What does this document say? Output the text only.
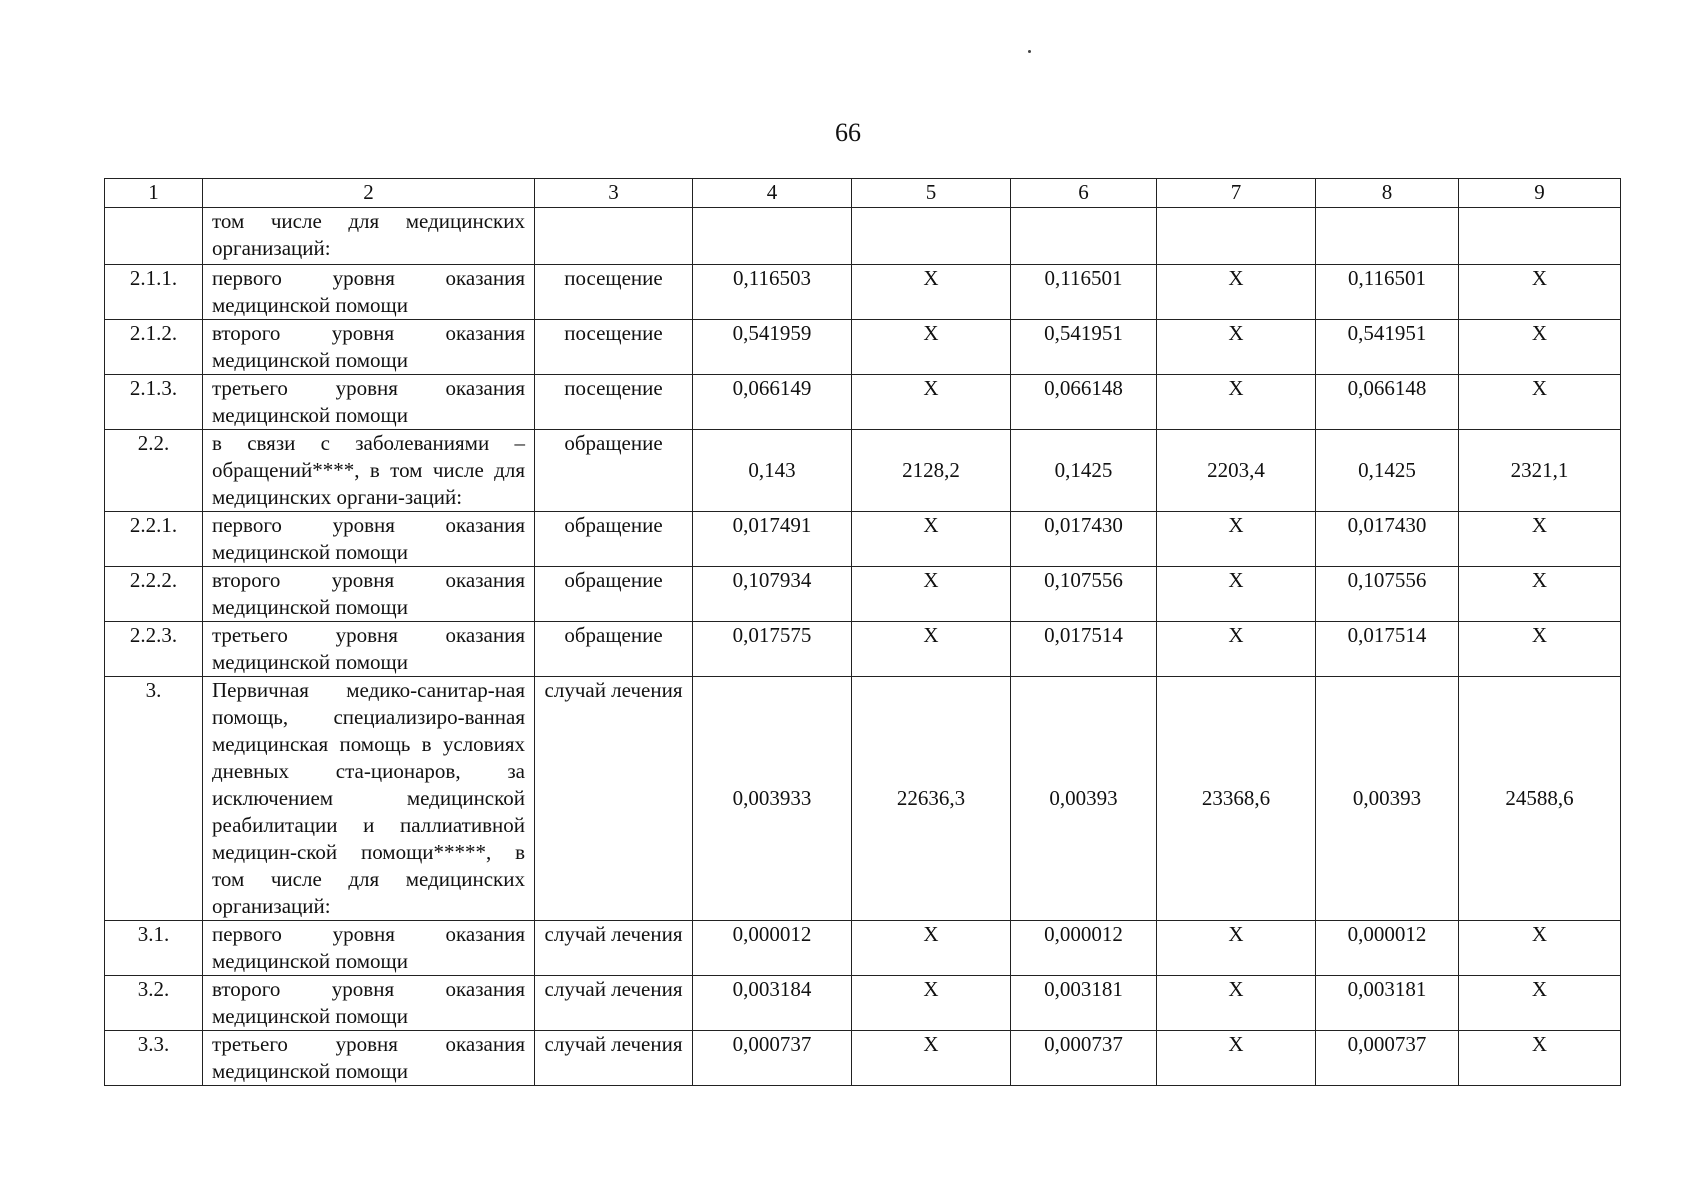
66
1	2	3	4	5	6	7	8	9
	том числе для медицинских организаций:							
2.1.1.	первого уровня оказания медицинской помощи	посещение	0,116503	X	0,116501	X	0,116501	X
2.1.2.	второго уровня оказания медицинской помощи	посещение	0,541959	X	0,541951	X	0,541951	X
2.1.3.	третьего уровня оказания медицинской помощи	посещение	0,066149	X	0,066148	X	0,066148	X
2.2.	в связи с заболеваниями – обращений****, в том числе для медицинских органи-заций:	обращение	0,143	2128,2	0,1425	2203,4	0,1425	2321,1
2.2.1.	первого уровня оказания медицинской помощи	обращение	0,017491	X	0,017430	X	0,017430	X
2.2.2.	второго уровня оказания медицинской помощи	обращение	0,107934	X	0,107556	X	0,107556	X
2.2.3.	третьего уровня оказания медицинской помощи	обращение	0,017575	X	0,017514	X	0,017514	X
3.	Первичная медико-санитар-ная помощь, специализиро-ванная медицинская помощь в условиях дневных ста-ционаров, за исключением медицинской реабилитации и паллиативной медицин-ской помощи*****, в том числе для медицинских организаций:	случай лечения	0,003933	22636,3	0,00393	23368,6	0,00393	24588,6
3.1.	первого уровня оказания медицинской помощи	случай лечения	0,000012	X	0,000012	X	0,000012	X
3.2.	второго уровня оказания медицинской помощи	случай лечения	0,003184	X	0,003181	X	0,003181	X
3.3.	третьего уровня оказания медицинской помощи	случай лечения	0,000737	X	0,000737	X	0,000737	X
